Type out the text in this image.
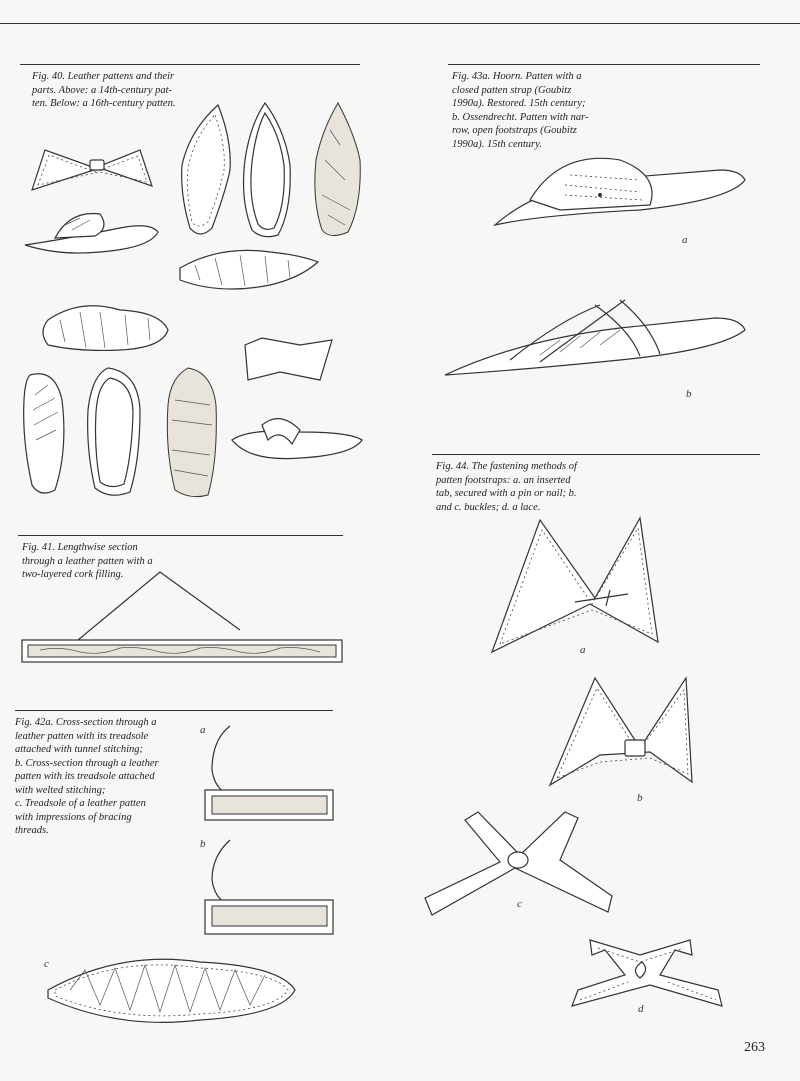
Fig. 40. Leather pattens and their
parts. Above: a 14th-century pat-
ten. Below: a 16th-century patten.
Fig. 43a. Hoorn. Patten with a
closed patten strap (Goubitz
1990a). Restored. 15th century;
b. Ossendrecht. Patten with nar-
row, open footstraps (Goubitz
1990a). 15th century.
Fig. 41. Lengthwise section
through a leather patten with a
two-layered cork filling.
Fig. 42a. Cross-section through a
leather patten with its treadsole
attached with tunnel stitching;
b. Cross-section through a leather
patten with its treadsole attached
with welted stitching;
c. Treadsole of a leather patten
with impressions of bracing
threads.
Fig. 44. The fastening methods of
patten footstraps: a. an inserted
tab, secured with a pin or nail; b.
and c. buckles; d. a lace.
a
b
c
a
b
a
b
c
d
263
